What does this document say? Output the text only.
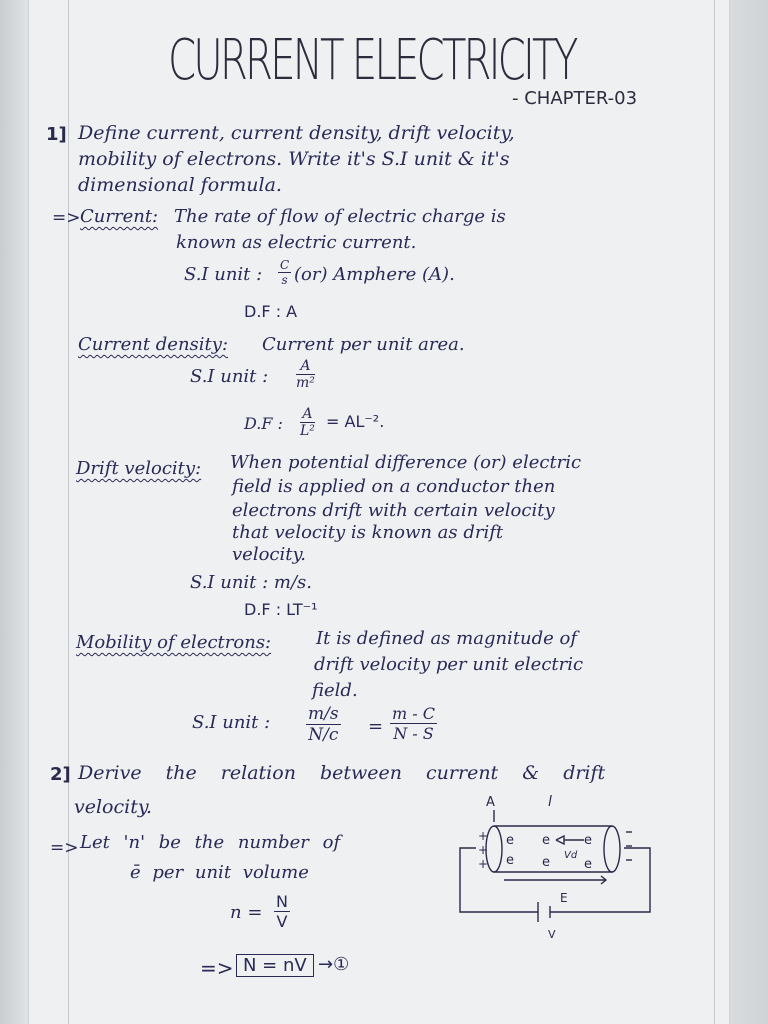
CURRENT ELECTRICITY
- CHAPTER-03
1] Define current, current density, drift velocity,
mobility of electrons. Write it's S.I unit & it's
dimensional formula.
=> Current: The rate of flow of electric charge is
known as electric current.
S.I unit : $\frac{C}{s} (or)$ Amphere (A).
D.F : A
Current density: Current per unit area.
S.I unit : $\frac{A}{\text{m²}}$
D.F : $\frac{A}{\text{L²}} = AL^{-2}$.
Drift velocity: When potential difference (or) electric
field is applied on a conductor then
electrons drift with certain velocity
that velocity is known as drift
velocity.
S.I unit : m/s.
D.F : LT⁻¹
Mobility of electrons: It is defined as magnitude of
drift velocity per unit electric
field.
S.I unit : $\frac{m/s}{N/c} = \frac{m - C}{N - S}$
2] Derive the relation between current & drift
velocity.
=> Let 'n' be the number of
ē per unit volume
$n = \frac{N}{V}$
=> N = nV →①
A	l
+
+
+
e
e
e
e
e
e
Vd
E
V
